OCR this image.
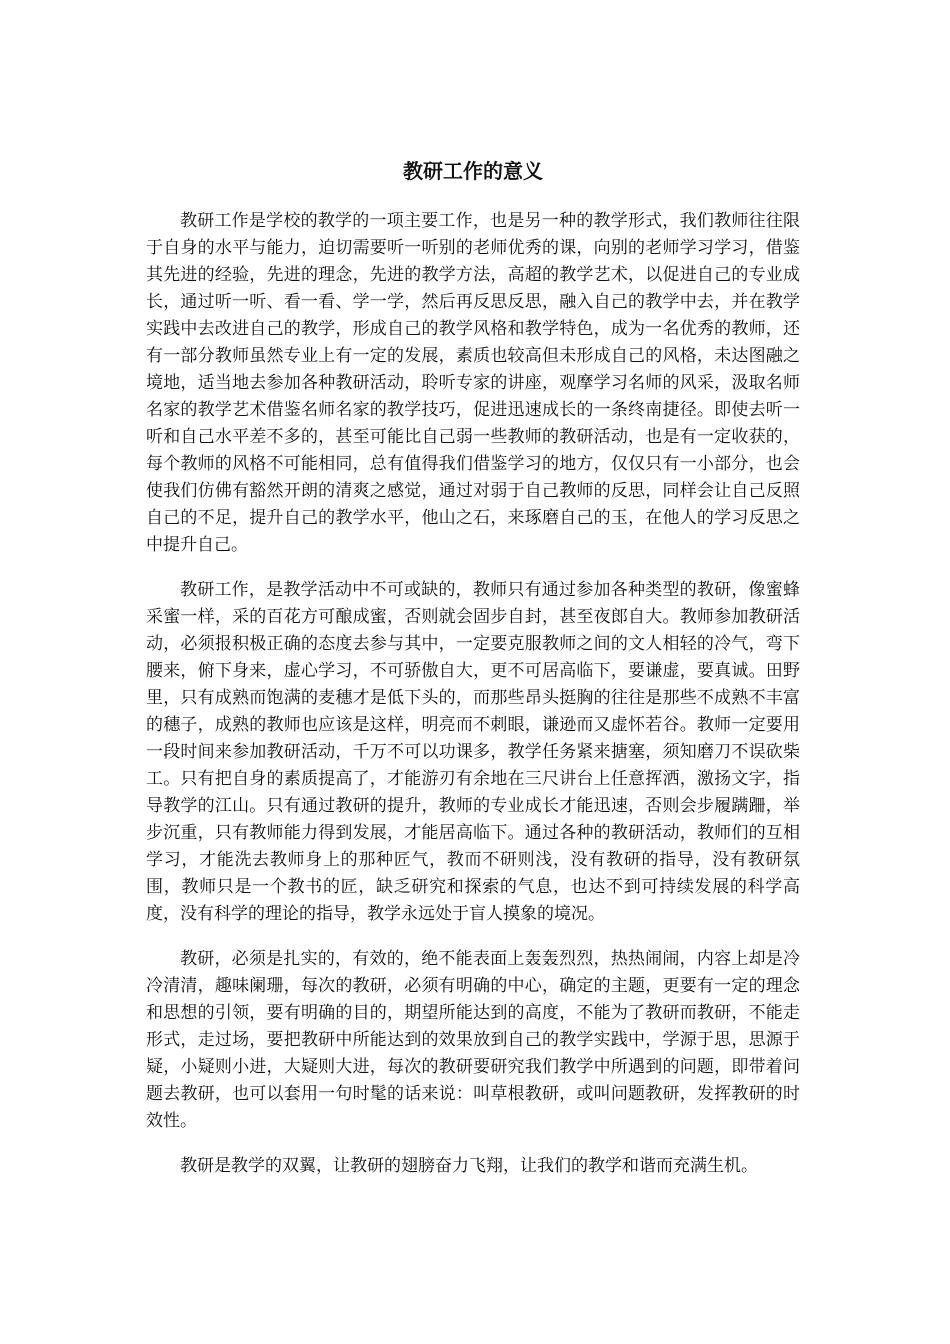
教研工作的意义

教研工作是学校的教学的一项主要工作，也是另一种的教学形式，我们教师往往限于自身的水平与能力，迫切需要听一听别的老师优秀的课，向别的老师学习学习，借鉴其先进的经验，先进的理念，先进的教学方法，高超的教学艺术，以促进自己的专业成长，通过听一听、看一看、学一学，然后再反思反思，融入自己的教学中去，并在教学实践中去改进自己的教学，形成自己的教学风格和教学特色，成为一名优秀的教师，还有一部分教师虽然专业上有一定的发展，素质也较高但未形成自己的风格，未达图融之境地，适当地去参加各种教研活动，聆听专家的讲座，观摩学习名师的风采，汲取名师名家的教学艺术借鉴名师名家的教学技巧，促进迅速成长的一条终南捷径。即使去听一听和自己水平差不多的，甚至可能比自己弱一些教师的教研活动，也是有一定收获的，每个教师的风格不可能相同，总有值得我们借鉴学习的地方，仅仅只有一小部分，也会使我们仿佛有豁然开朗的清爽之感觉，通过对弱于自己教师的反思，同样会让自己反照自己的不足，提升自己的教学水平，他山之石，来琢磨自己的玉，在他人的学习反思之中提升自己。

教研工作，是教学活动中不可或缺的，教师只有通过参加各种类型的教研，像蜜蜂采蜜一样，采的百花方可酿成蜜，否则就会固步自封，甚至夜郎自大。教师参加教研活动，必须报积极正确的态度去参与其中，一定要克服教师之间的文人相轻的冷气，弯下腰来，俯下身来，虚心学习，不可骄傲自大，更不可居高临下，要谦虚，要真诚。田野里，只有成熟而饱满的麦穗才是低下头的，而那些昂头挺胸的往往是那些不成熟不丰富的穗子，成熟的教师也应该是这样，明亮而不刺眼，谦逊而又虚怀若谷。教师一定要用一段时间来参加教研活动，千万不可以功课多，教学任务紧来搪塞，须知磨刀不误砍柴工。只有把自身的素质提高了，才能游刃有余地在三尺讲台上任意挥洒，激扬文字，指导教学的江山。只有通过教研的提升，教师的专业成长才能迅速，否则会步履蹒跚，举步沉重，只有教师能力得到发展，才能居高临下。通过各种的教研活动，教师们的互相学习，才能洗去教师身上的那种匠气，教而不研则浅，没有教研的指导，没有教研氛围，教师只是一个教书的匠，缺乏研究和探索的气息，也达不到可持续发展的科学高度，没有科学的理论的指导，教学永远处于盲人摸象的境况。

教研，必须是扎实的，有效的，绝不能表面上轰轰烈烈，热热闹闹，内容上却是冷冷清清，趣味阑珊，每次的教研，必须有明确的中心，确定的主题，更要有一定的理念和思想的引领，要有明确的目的，期望所能达到的高度，不能为了教研而教研，不能走形式，走过场，要把教研中所能达到的效果放到自己的教学实践中，学源于思，思源于疑，小疑则小进，大疑则大进，每次的教研要研究我们教学中所遇到的问题，即带着问题去教研，也可以套用一句时髦的话来说：叫草根教研，或叫问题教研，发挥教研的时效性。

教研是教学的双翼，让教研的翅膀奋力飞翔，让我们的教学和谐而充满生机。
